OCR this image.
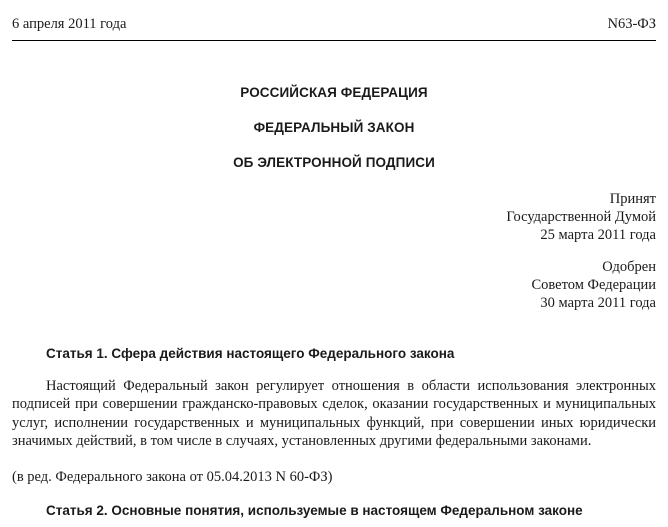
6 апреля 2011 года	N63-ФЗ
РОССИЙСКАЯ ФЕДЕРАЦИЯ
ФЕДЕРАЛЬНЫЙ ЗАКОН
ОБ ЭЛЕКТРОННОЙ ПОДПИСИ
Принят
Государственной Думой
25 марта 2011 года
Одобрен
Советом Федерации
30 марта 2011 года
Статья 1. Сфера действия настоящего Федерального закона
Настоящий Федеральный закон регулирует отношения в области использования электронных подписей при совершении гражданско-правовых сделок, оказании государственных и муниципальных услуг, исполнении государственных и муниципальных функций, при совершении иных юридически значимых действий, в том числе в случаях, установленных другими федеральными законами.
(в ред. Федерального закона от 05.04.2013 N 60-ФЗ)
Статья 2. Основные понятия, используемые в настоящем Федеральном законе
